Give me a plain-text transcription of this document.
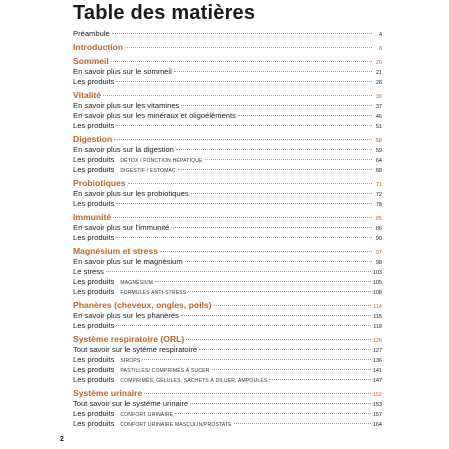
Table des matières
Préambule	4
Introduction	8
Sommeil	20
En savoir plus sur le sommeil	21
Les produits	28
Vitalité	36
En savoir plus sur les vitamines	37
En savoir plus sur les minéraux et oligoéléments	46
Les produits	51
Digestion	58
En savoir plus sur la digestion	59
Les produits DÉTOX / FONCTION HÉPATIQUE	64
Les produits DIGESTIF / ESTOMAC	68
Probiotiques	71
En savoir plus sur les probiotiques	72
Les produits	78
Immunité	85
En savoir plus sur l'immunité	86
Les produits	90
Magnésium et stress	97
En savoir plus sur le magnésium	98
Le stress	103
Les produits MAGNÉSIUM	105
Les produits FORMULES ANTI-STRESS	108
Phanères (cheveux, ongles, poils)	114
En savoir plus sur les phanères	115
Les produits	118
Système respiratoire (ORL)	126
Tout savoir sur le sytème respiratoire	127
Les produits SIROPS	136
Les produits PASTILLES/ COMPRIMÉS À SUCER	141
Les produits COMPRIMÉS, GÉLULES, SACHETS À DILUER, AMPOULES	147
Système urinaire	152
Tout savoir sur le système urinaire	153
Les produits CONFORT URINAIRE	157
Les produits CONFORT URINAIRE MASCULIN/PROSTATE	164
2
